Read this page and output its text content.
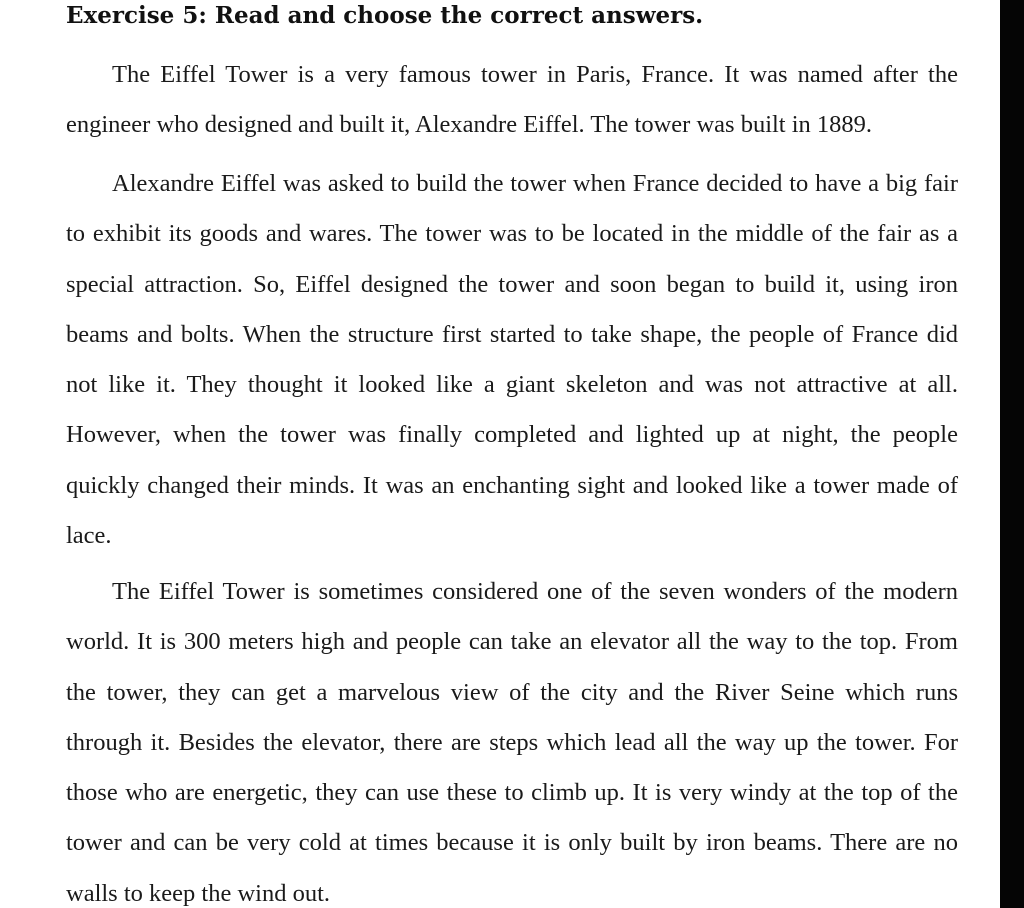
Exercise 5: Read and choose the correct answers.

The Eiffel Tower is a very famous tower in Paris, France. It was named after the engineer who designed and built it, Alexandre Eiffel. The tower was built in 1889.

Alexandre Eiffel was asked to build the tower when France decided to have a big fair to exhibit its goods and wares. The tower was to be located in the middle of the fair as a special attraction. So, Eiffel designed the tower and soon began to build it, using iron beams and bolts. When the structure first started to take shape, the people of France did not like it. They thought it looked like a giant skeleton and was not attractive at all. However, when the tower was finally completed and lighted up at night, the people quickly changed their minds. It was an enchanting sight and looked like a tower made of lace.

The Eiffel Tower is sometimes considered one of the seven wonders of the modern world. It is 300 meters high and people can take an elevator all the way to the top. From the tower, they can get a marvelous view of the city and the River Seine which runs through it. Besides the elevator, there are steps which lead all the way up the tower. For those who are energetic, they can use these to climb up. It is very windy at the top of the tower and can be very cold at times because it is only built by iron beams. There are no walls to keep the wind out.
